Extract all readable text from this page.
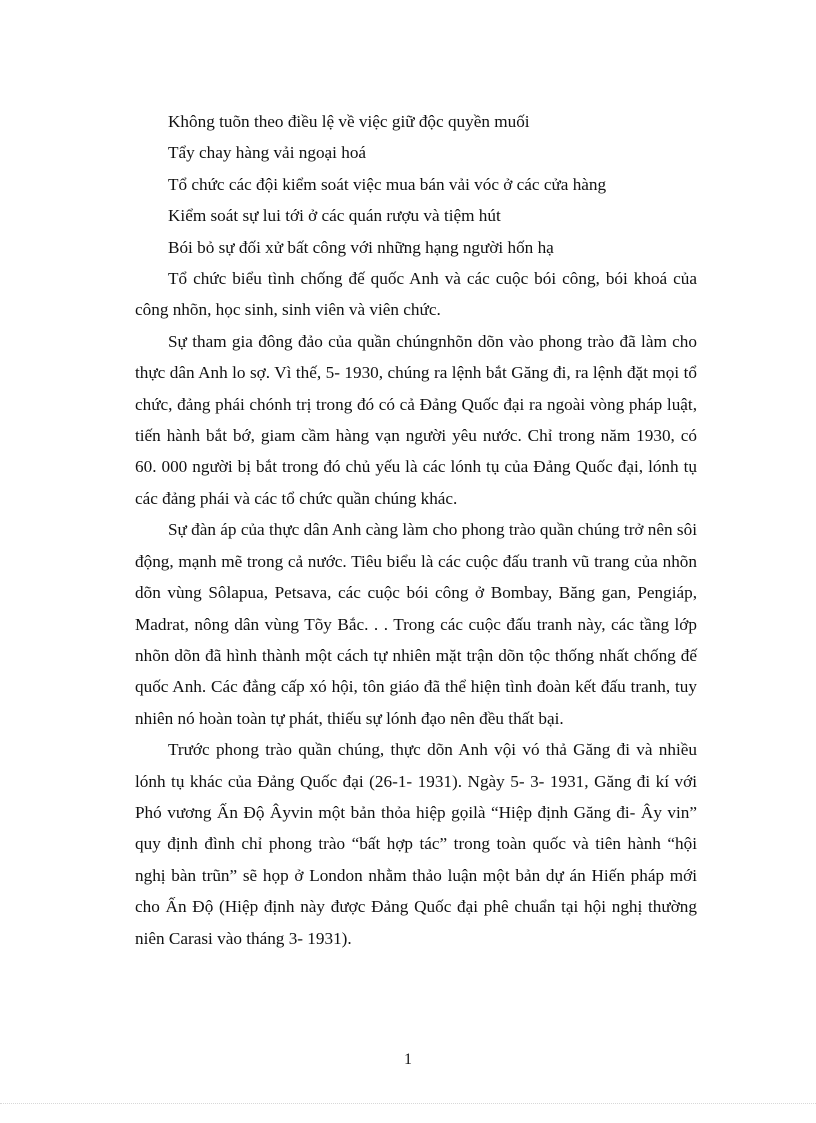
Không tuõn theo điều lệ về việc giữ độc quyền muối

Tẩy chay hàng vải ngoại hoá

Tổ chức các đội kiểm soát việc mua bán vải vóc ở các cửa hàng

Kiểm soát sự lui tới ở các quán rượu và tiệm hút

Bói bỏ sự đối xử bất công với những hạng người hốn hạ

Tổ chức biểu tình chống đế quốc Anh và các cuộc bói công, bói khoá của công nhõn, học sinh, sinh viên và viên chức.

Sự tham gia đông đảo của quần chúngnhõn dõn vào phong trào đã làm cho thực dân Anh lo sợ. Vì thế, 5- 1930, chúng ra lệnh bắt Găng đi, ra lệnh đặt mọi tổ chức, đảng phái chónh trị trong đó có cả Đảng Quốc đại ra ngoài vòng pháp luật, tiến hành bắt bớ, giam cầm hàng vạn người yêu nước. Chỉ trong năm 1930, có 60. 000 người bị bắt trong đó chủ yếu là các lónh tụ của Đảng Quốc đại, lónh tụ các đảng phái và các tổ chức quần chúng khác.

Sự đàn áp của thực dân Anh càng làm cho phong trào quần chúng trở nên sôi động, mạnh mẽ trong cả nước. Tiêu biểu là các cuộc đấu tranh vũ trang của nhõn dõn vùng Sôlapua, Petsava, các cuộc bói công ở Bombay, Băng gan, Pengiáp, Madrat, nông dân vùng Tõy Bắc. . . Trong các cuộc đấu tranh này, các tầng lớp nhõn dõn đã hình thành một cách tự nhiên mặt trận dõn tộc thống nhất chống đế quốc Anh. Các đẳng cấp xó hội, tôn giáo đã thể hiện tình đoàn kết đấu tranh, tuy nhiên nó hoàn toàn tự phát, thiếu sự lónh đạo nên đều thất bại.

Trước phong trào quần chúng, thực dõn Anh vội vó thả Găng đi và nhiều lónh tụ khác của Đảng Quốc đại (26-1- 1931). Ngày 5- 3- 1931, Găng đi kí với Phó vương Ấn Độ Âyvin một bản thỏa hiệp gọilà “Hiệp định Găng đi- Ây vin” quy định đình chỉ phong trào “bất hợp tác” trong toàn quốc và tiên hành “hội nghị bàn trũn” sẽ họp ở London nhằm thảo luận một bản dự án Hiến pháp mới cho Ấn Độ (Hiệp định này được Đảng Quốc đại phê chuẩn tại hội nghị thường niên Carasi vào tháng 3- 1931).

1
